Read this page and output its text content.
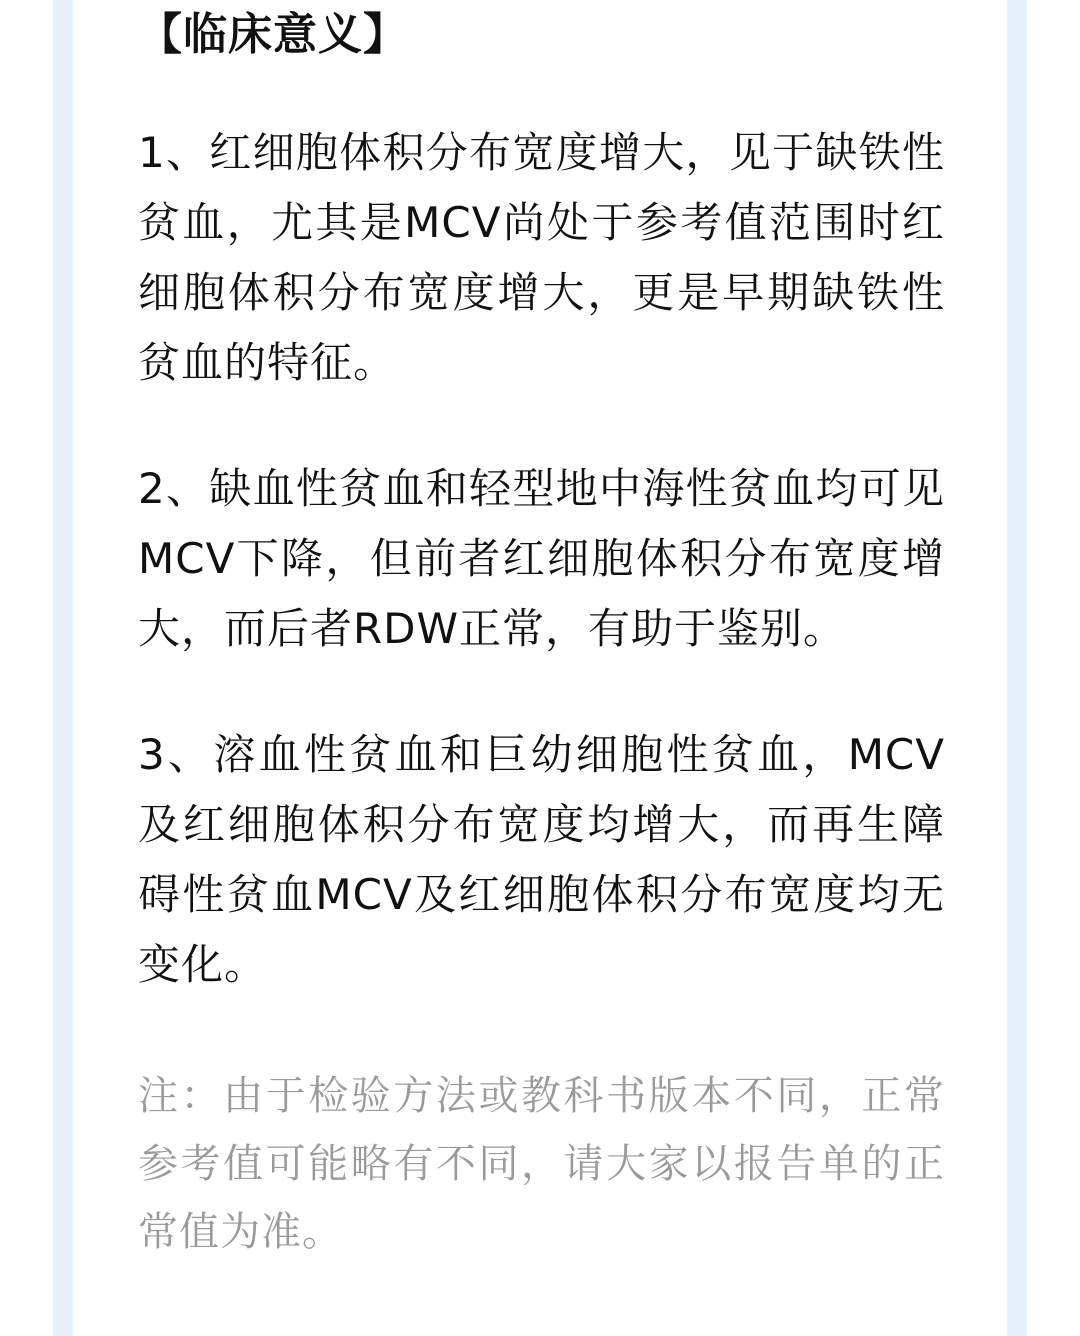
【临床意义】

1、红细胞体积分布宽度增大，见于缺铁性贫血，尤其是MCV尚处于参考值范围时红细胞体积分布宽度增大，更是早期缺铁性贫血的特征。

2、缺血性贫血和轻型地中海性贫血均可见MCV下降，但前者红细胞体积分布宽度增大，而后者RDW正常，有助于鉴别。

3、溶血性贫血和巨幼细胞性贫血，MCV及红细胞体积分布宽度均增大，而再生障碍性贫血MCV及红细胞体积分布宽度均无变化。

注：由于检验方法或教科书版本不同，正常参考值可能略有不同，请大家以报告单的正常值为准。
